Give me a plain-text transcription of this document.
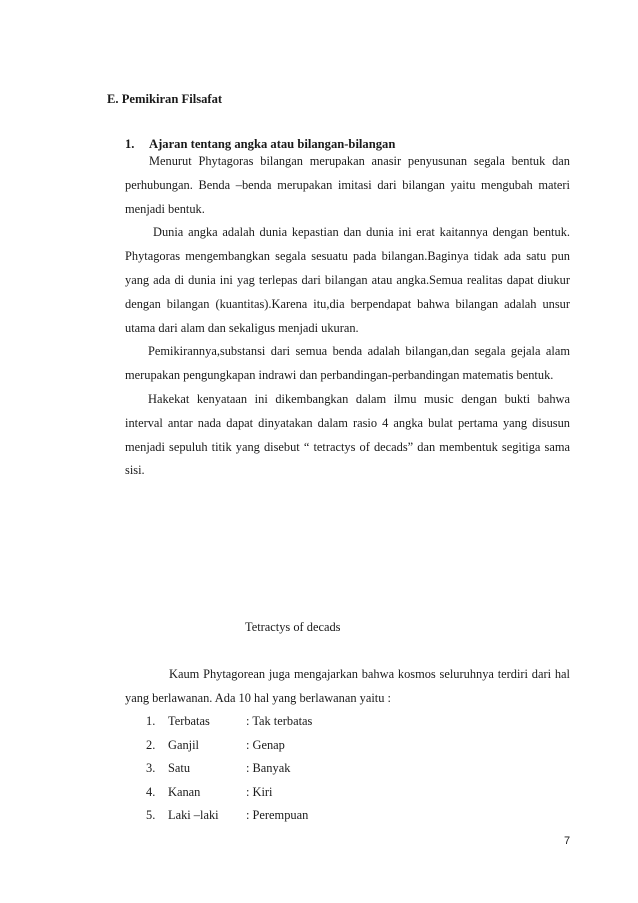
E. Pemikiran Filsafat
1. Ajaran tentang angka atau bilangan-bilangan

Menurut Phytagoras bilangan merupakan anasir penyusunan segala bentuk dan perhubungan. Benda –benda merupakan imitasi dari bilangan yaitu mengubah materi menjadi bentuk.

Dunia angka adalah dunia kepastian dan dunia ini erat kaitannya dengan bentuk. Phytagoras mengembangkan segala sesuatu pada bilangan.Baginya tidak ada satu pun yang ada di dunia ini yag terlepas dari bilangan atau angka.Semua realitas dapat diukur dengan bilangan (kuantitas).Karena itu,dia berpendapat bahwa bilangan adalah unsur utama dari alam dan sekaligus menjadi ukuran.

Pemikirannya,substansi dari semua benda adalah bilangan,dan segala gejala alam merupakan pengungkapan indrawi dan perbandingan-perbandingan matematis bentuk.

Hakekat kenyataan ini dikembangkan dalam ilmu music dengan bukti bahwa interval antar nada dapat dinyatakan dalam rasio 4 angka bulat pertama yang disusun menjadi sepuluh titik yang disebut “ tetractys of decads” dan membentuk segitiga sama sisi.

Tetractys of decads

Kaum Phytagorean juga mengajarkan bahwa kosmos seluruhnya terdiri dari hal yang berlawanan. Ada 10 hal yang berlawanan yaitu :

1.	Terbatas	: Tak terbatas
2.	Ganjil	: Genap
3.	Satu	: Banyak
4.	Kanan	: Kiri
5.	Laki –laki	: Perempuan
7
